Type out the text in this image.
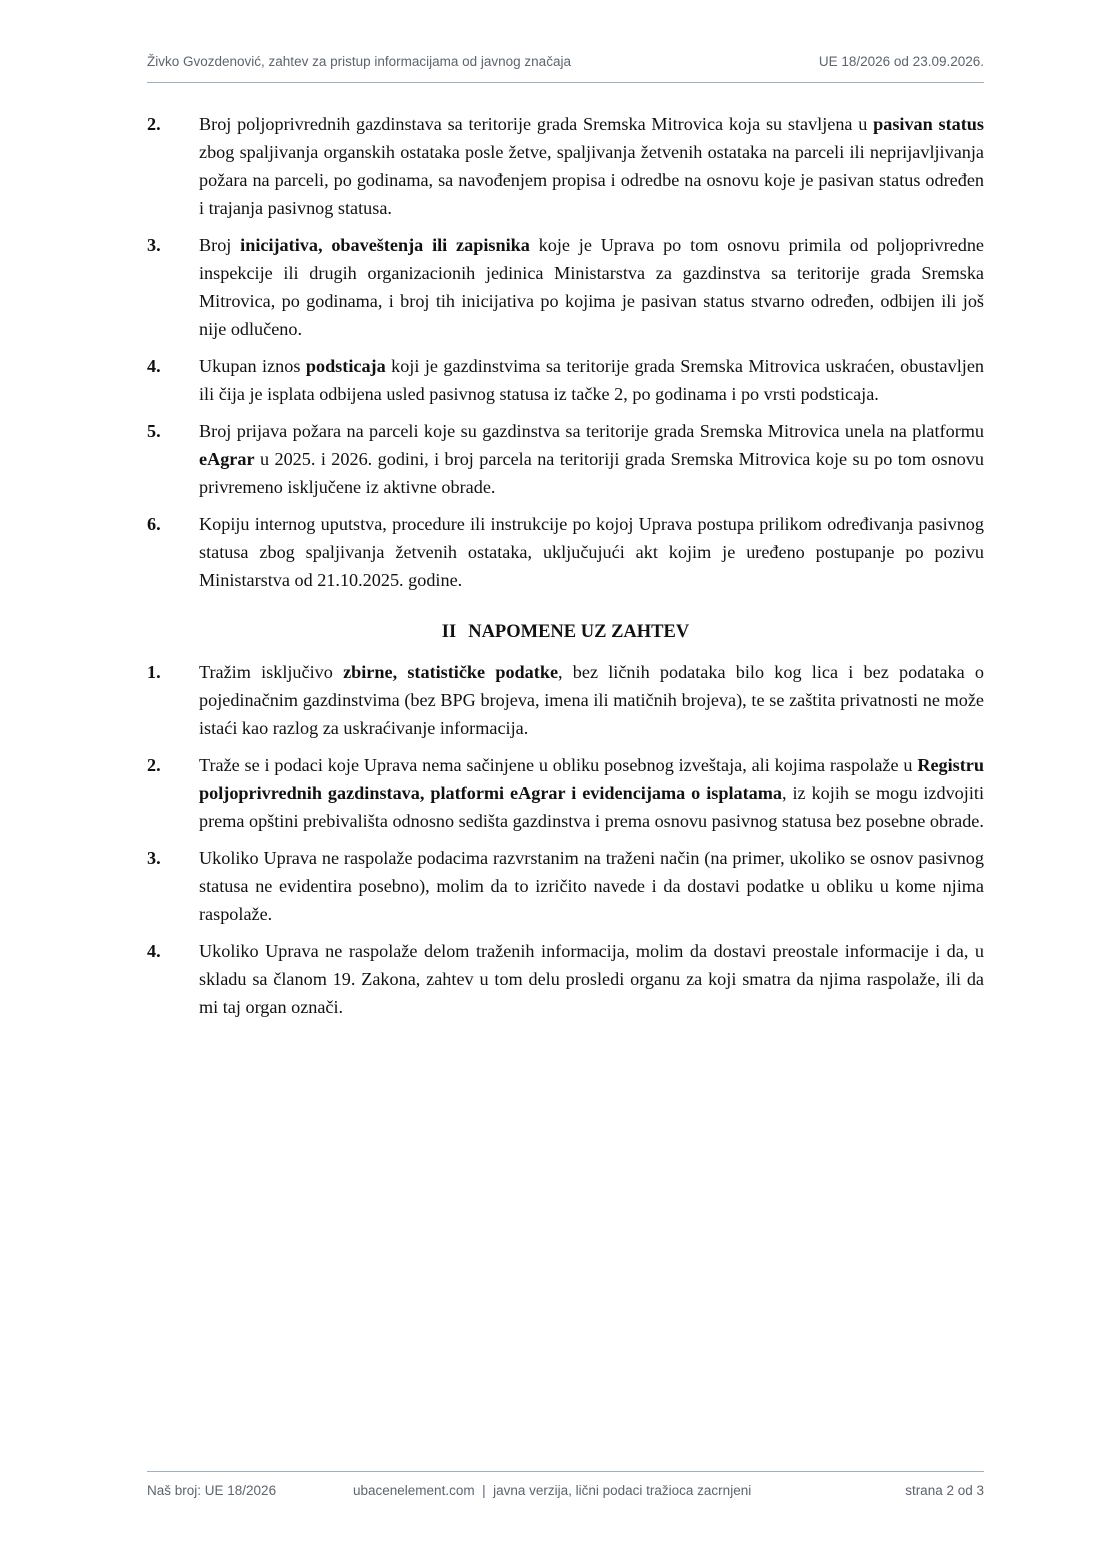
Živko Gvozdenović, zahtev za pristup informacijama od javnog značaja	UE 18/2026 od 23.09.2026.
2. Broj poljoprivrednih gazdinstava sa teritorije grada Sremska Mitrovica koja su stavljena u pasivan status zbog spaljivanja organskih ostataka posle žetve, spaljivanja žetvenih ostataka na parceli ili neprijavljivanja požara na parceli, po godinama, sa navođenjem propisa i odredbe na osnovu koje je pasivan status određen i trajanja pasivnog statusa.

3. Broj inicijativa, obaveštenja ili zapisnika koje je Uprava po tom osnovu primila od poljoprivredne inspekcije ili drugih organizacionih jedinica Ministarstva za gazdinstva sa teritorije grada Sremska Mitrovica, po godinama, i broj tih inicijativa po kojima je pasivan status stvarno određen, odbijen ili još nije odlučeno.

4. Ukupan iznos podsticaja koji je gazdinstvima sa teritorije grada Sremska Mitrovica uskraćen, obustavljen ili čija je isplata odbijena usled pasivnog statusa iz tačke 2, po godinama i po vrsti podsticaja.

5. Broj prijava požara na parceli koje su gazdinstva sa teritorije grada Sremska Mitrovica unela na platformu eAgrar u 2025. i 2026. godini, i broj parcela na teritoriji grada Sremska Mitrovica koje su po tom osnovu privremeno isključene iz aktivne obrade.

6. Kopiju internog uputstva, procedure ili instrukcije po kojoj Uprava postupa prilikom određivanja pasivnog statusa zbog spaljivanja žetvenih ostataka, uključujući akt kojim je uređeno postupanje po pozivu Ministarstva od 21.10.2025. godine.

II NAPOMENE UZ ZAHTEV
1. Tražim isključivo zbirne, statističke podatke, bez ličnih podataka bilo kog lica i bez podataka o pojedinačnim gazdinstvima (bez BPG brojeva, imena ili matičnih brojeva), te se zaštita privatnosti ne može istaći kao razlog za uskraćivanje informacija.

2. Traže se i podaci koje Uprava nema sačinjene u obliku posebnog izveštaja, ali kojima raspolaže u Registru poljoprivrednih gazdinstava, platformi eAgrar i evidencijama o isplatama, iz kojih se mogu izdvojiti prema opštini prebivališta odnosno sedišta gazdinstva i prema osnovu pasivnog statusa bez posebne obrade.

3. Ukoliko Uprava ne raspolaže podacima razvrstanim na traženi način (na primer, ukoliko se osnov pasivnog statusa ne evidentira posebno), molim da to izričito navede i da dostavi podatke u obliku u kome njima raspolaže.

4. Ukoliko Uprava ne raspolaže delom traženih informacija, molim da dostavi preostale informacije i da, u skladu sa članom 19. Zakona, zahtev u tom delu prosledi organu za koji smatra da njima raspolaže, ili da mi taj organ označi.

Naš broj: UE 18/2026	ubacenelement.com  |  javna verzija, lični podaci tražioca zacrnjeni	strana 2 od 3
